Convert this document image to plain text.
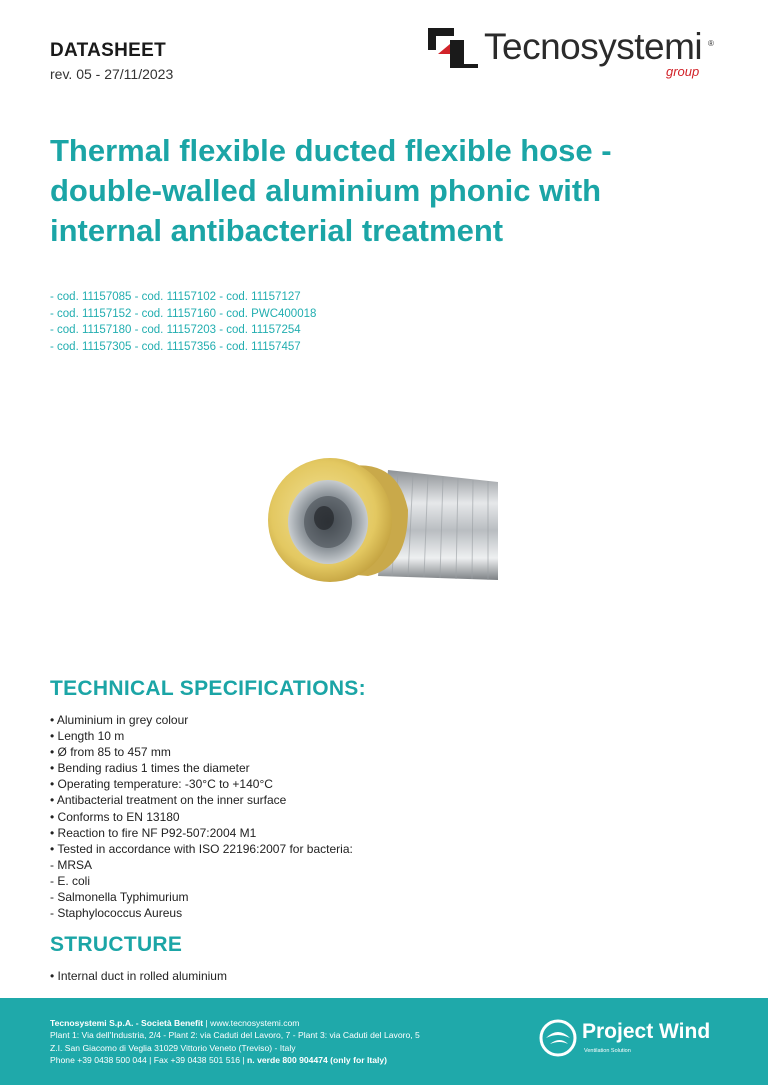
DATASHEET
rev. 05 - 27/11/2023
Tecnosystemi ®
group
Thermal flexible ducted flexible hose -
double-walled aluminium phonic with
internal antibacterial treatment
- cod. 11157085 - cod. 11157102 - cod. 11157127
- cod. 11157152 - cod. 11157160 - cod. PWC400018
- cod. 11157180 - cod. 11157203 - cod. 11157254
- cod. 11157305 - cod. 11157356 - cod. 11157457
TECHNICAL SPECIFICATIONS:
• Aluminium in grey colour
• Length 10 m
• Ø from 85 to 457 mm
• Bending radius 1 times the diameter
• Operating temperature: -30°C to +140°C
• Antibacterial treatment on the inner surface
• Conforms to EN 13180
• Reaction to fire NF P92-507:2004 M1
• Tested in accordance with ISO 22196:2007 for bacteria:
- MRSA
- E. coli
- Salmonella Typhimurium
- Staphylococcus Aureus
STRUCTURE
• Internal duct in rolled aluminium
Tecnosystemi S.p.A. - Società Benefit | www.tecnosystemi.com
Plant 1: Via dell'Industria, 2/4 - Plant 2: via Caduti del Lavoro, 7 - Plant 3: via Caduti del Lavoro, 5
Z.I. San Giacomo di Veglia 31029 Vittorio Veneto (Treviso) - Italy
Phone +39 0438 500 044 | Fax +39 0438 501 516 | n. verde 800 904474 (only for Italy)
Project Wind
Ventilation Solution
